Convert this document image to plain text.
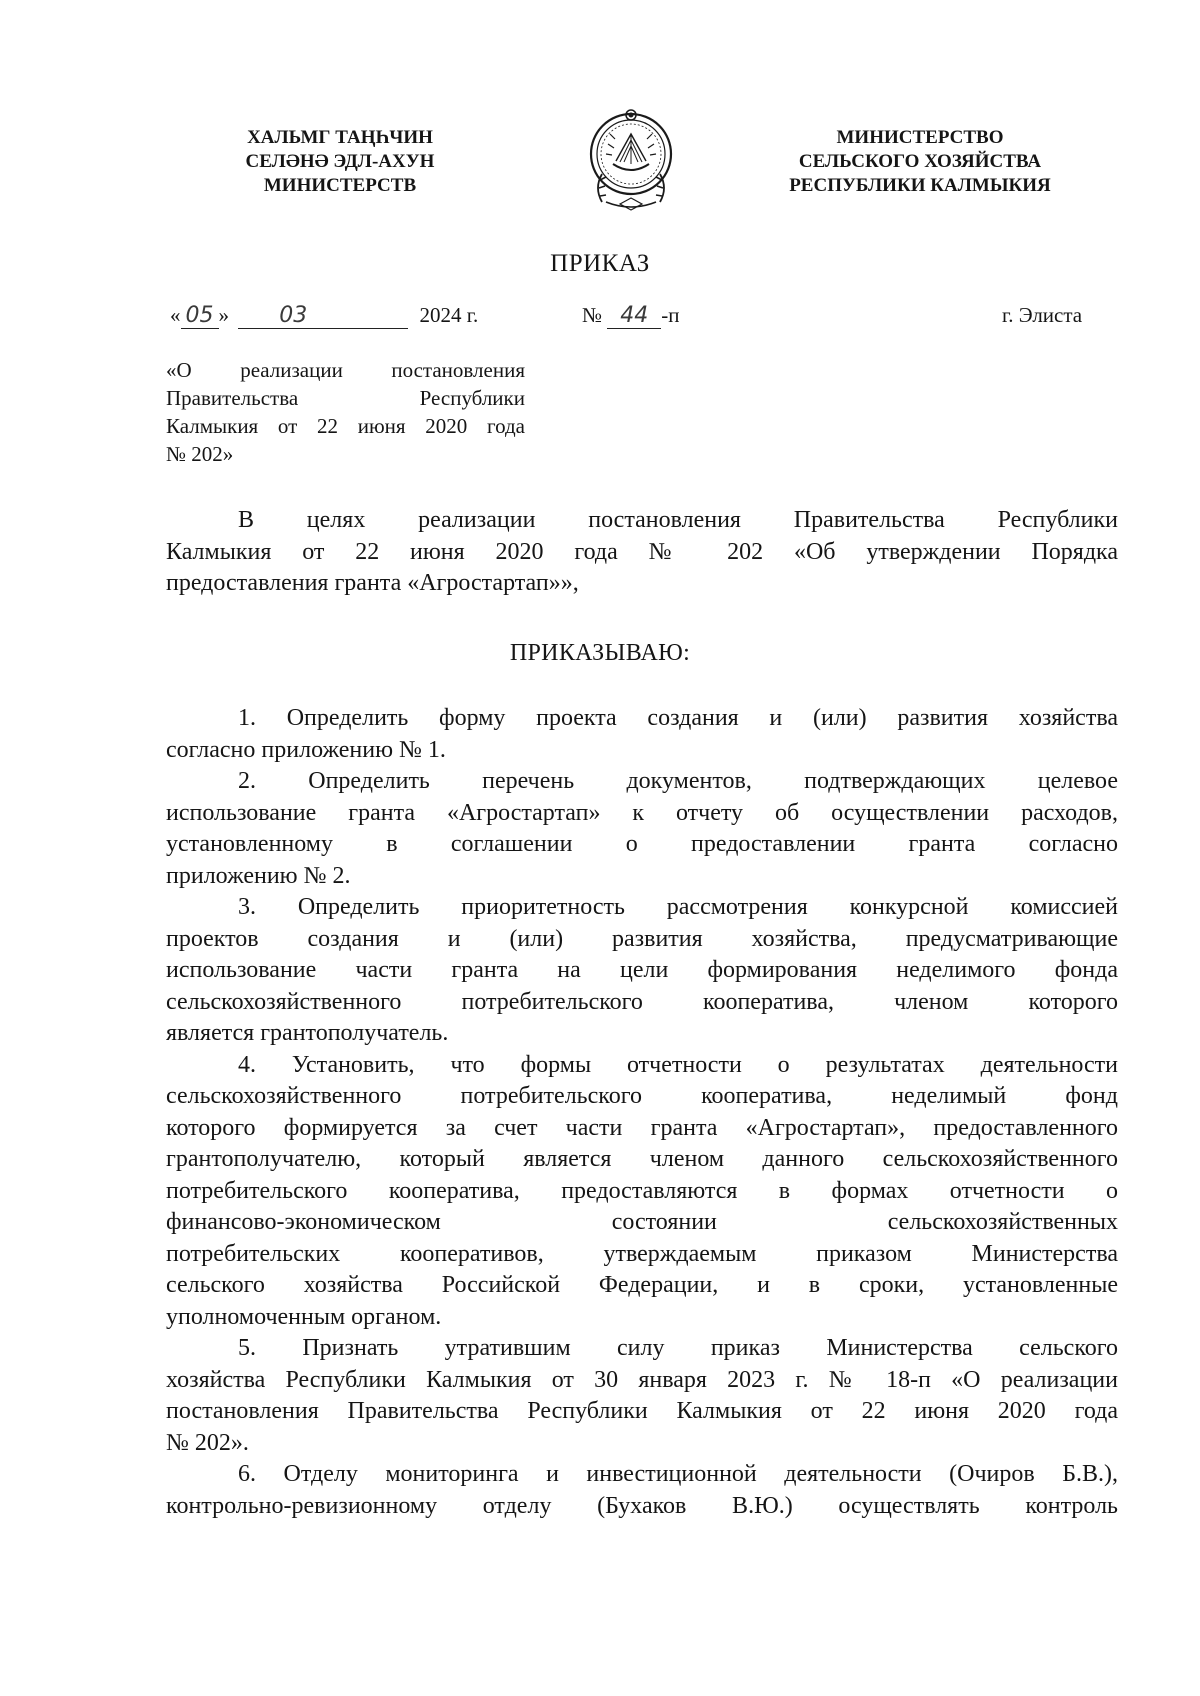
ХАЛЬМГ ТАҢҺЧИН
СЕЛӘНӘ ЭДЛ-АХУН
МИНИСТЕРСТВ
МИНИСТЕРСТВО
СЕЛЬСКОГО ХОЗЯЙСТВА
РЕСПУБЛИКИ КАЛМЫКИЯ
ПРИКАЗ
« 05 » 03	2024 г.	№ 44 -п	г. Элиста
«О реализации постановления
Правительства Республики
Калмыкия от 22 июня 2020 года
№ 202»
В целях реализации постановления Правительства Республики
Калмыкия от 22 июня 2020 года № 202 «Об утверждении Порядка
предоставления гранта «Агростартап»»,
ПРИКАЗЫВАЮ:
1. Определить форму проекта создания и (или) развития хозяйства
согласно приложению № 1.
2. Определить перечень документов, подтверждающих целевое
использование гранта «Агростартап» к отчету об осуществлении расходов,
установленному в соглашении о предоставлении гранта согласно
приложению № 2.
3. Определить приоритетность рассмотрения конкурсной комиссией
проектов создания и (или) развития хозяйства, предусматривающие
использование части гранта на цели формирования неделимого фонда
сельскохозяйственного потребительского кооператива, членом которого
является грантополучатель.
4. Установить, что формы отчетности о результатах деятельности
сельскохозяйственного потребительского кооператива, неделимый фонд
которого формируется за счет части гранта «Агростартап», предоставленного
грантополучателю, который является членом данного сельскохозяйственного
потребительского кооператива, предоставляются в формах отчетности о
финансово-экономическом состоянии сельскохозяйственных
потребительских кооперативов, утверждаемым приказом Министерства
сельского хозяйства Российской Федерации, и в сроки, установленные
уполномоченным органом.
5. Признать утратившим силу приказ Министерства сельского
хозяйства Республики Калмыкия от 30 января 2023 г. № 18-п «О реализации
постановления Правительства Республики Калмыкия от 22 июня 2020 года
№ 202».
6. Отделу мониторинга и инвестиционной деятельности (Очиров Б.В.),
контрольно-ревизионному отделу (Бухаков В.Ю.) осуществлять контроль
